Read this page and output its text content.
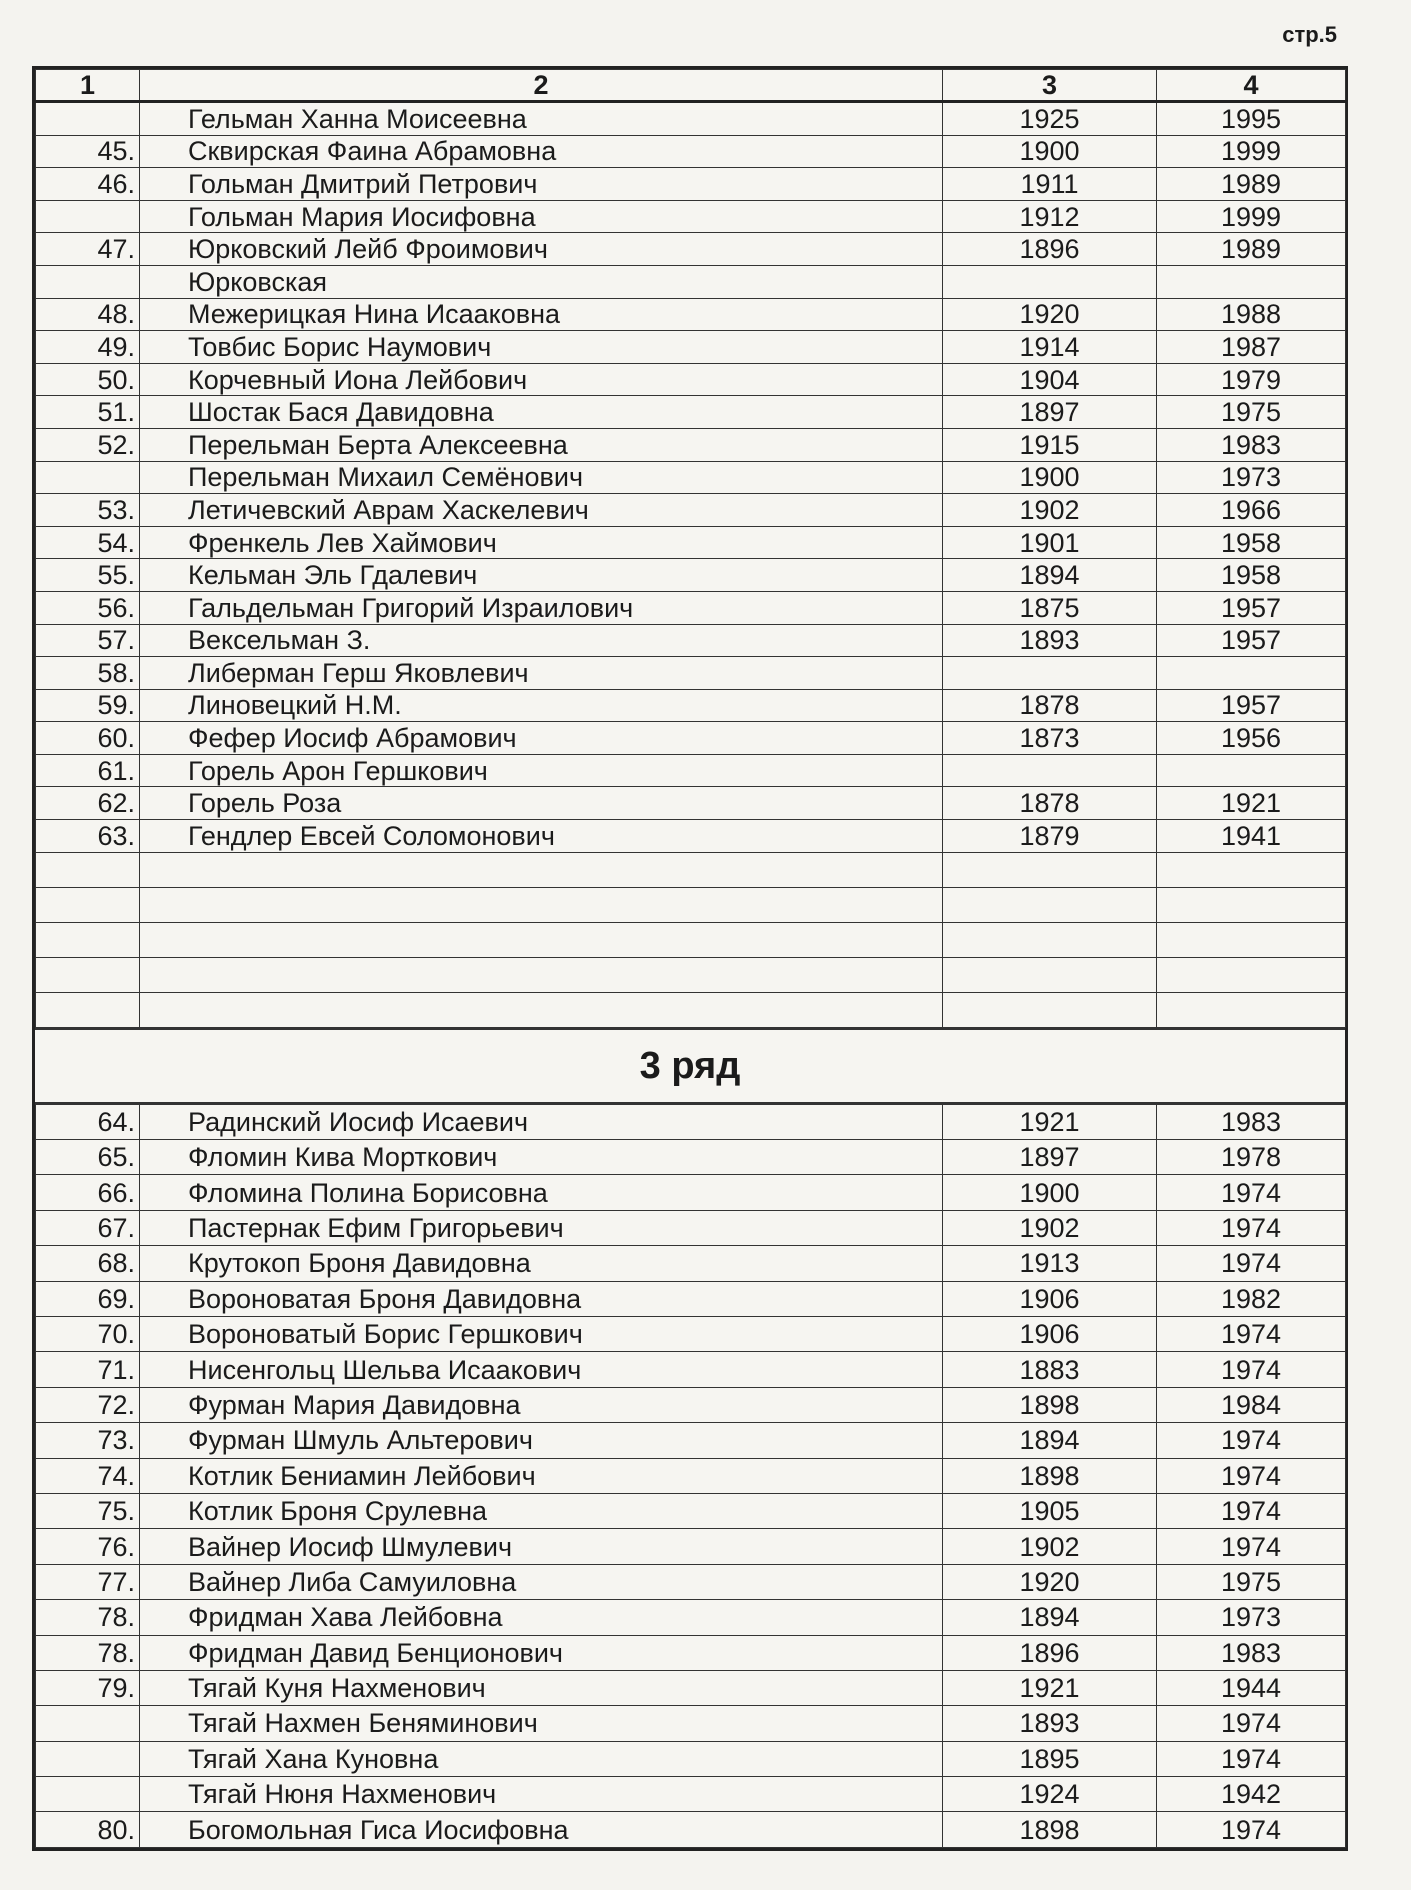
стр.5
1	2	3	4
	Гельман Ханна Моисеевна	1925	1995
45.	Сквирская Фаина Абрамовна	1900	1999
46.	Гольман Дмитрий Петрович	1911	1989
	Гольман Мария Иосифовна	1912	1999
47.	Юрковский Лейб Фроимович	1896	1989
	Юрковская		
48.	Межерицкая Нина Исааковна	1920	1988
49.	Товбис Борис Наумович	1914	1987
50.	Корчевный Иона Лейбович	1904	1979
51.	Шостак Бася Давидовна	1897	1975
52.	Перельман Берта Алексеевна	1915	1983
	Перельман Михаил Семёнович	1900	1973
53.	Летичевский Аврам Хаскелевич	1902	1966
54.	Френкель Лев Хаймович	1901	1958
55.	Кельман Эль Гдалевич	1894	1958
56.	Гальдельман Григорий Израилович	1875	1957
57.	Вексельман З.	1893	1957
58.	Либерман Герш Яковлевич		
59.	Линовецкий Н.М.	1878	1957
60.	Фефер Иосиф Абрамович	1873	1956
61.	Горель Арон Гершкович		
62.	Горель Роза	1878	1921
63.	Гендлер Евсей Соломонович	1879	1941

3 ряд
64.	Радинский Иосиф Исаевич	1921	1983
65.	Фломин Кива Морткович	1897	1978
66.	Фломина Полина Борисовна	1900	1974
67.	Пастернак Ефим Григорьевич	1902	1974
68.	Крутокоп Броня Давидовна	1913	1974
69.	Вороноватая Броня Давидовна	1906	1982
70.	Вороноватый Борис Гершкович	1906	1974
71.	Нисенгольц Шельва Исаакович	1883	1974
72.	Фурман Мария Давидовна	1898	1984
73.	Фурман Шмуль Альтерович	1894	1974
74.	Котлик Бениамин Лейбович	1898	1974
75.	Котлик Броня Срулевна	1905	1974
76.	Вайнер Иосиф Шмулевич	1902	1974
77.	Вайнер Либа Самуиловна	1920	1975
78.	Фридман Хава Лейбовна	1894	1973
78.	Фридман Давид Бенционович	1896	1983
79.	Тягай Куня Нахменович	1921	1944
	Тягай Нахмен Беняминович	1893	1974
	Тягай Хана Куновна	1895	1974
	Тягай Нюня Нахменович	1924	1942
80.	Богомольная Гиса Иосифовна	1898	1974
